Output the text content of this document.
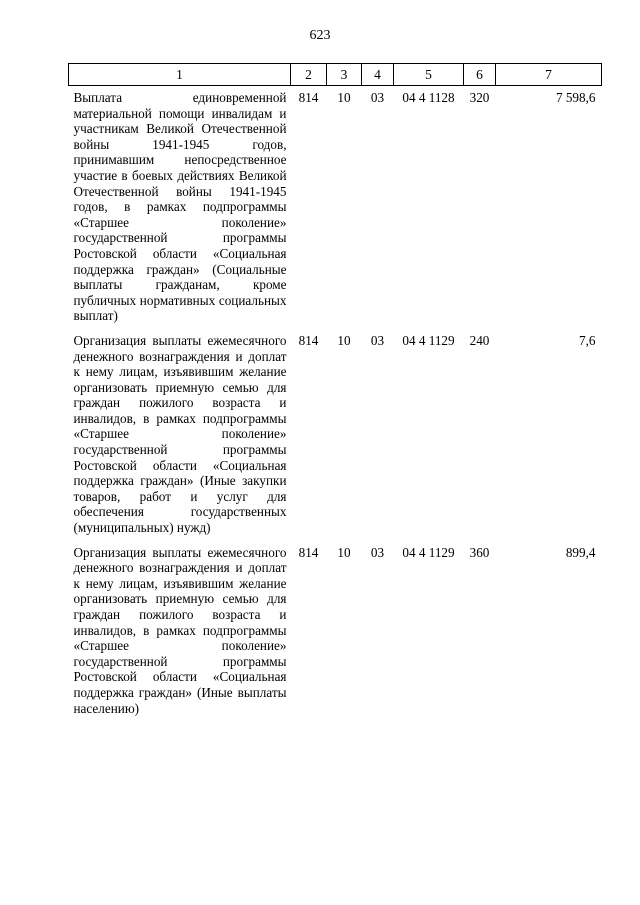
623
1	2	3	4	5	6	7
Выплата единовременной материальной помощи инвалидам и участникам Великой Отечественной войны 1941-1945 годов, принимавшим непосредственное участие в боевых действиях Великой Отечественной войны 1941-1945 годов, в рамках подпрограммы «Старшее поколение» государственной программы Ростовской области «Социальная поддержка граждан» (Социальные выплаты гражданам, кроме публичных нормативных социальных выплат)	814	10	03	04 4 1128	320	7 598,6
Организация выплаты ежемесячного денежного вознаграждения и доплат к нему лицам, изъявившим желание организовать приемную семью для граждан пожилого возраста и инвалидов, в рамках подпрограммы «Старшее поколение» государственной программы Ростовской области «Социальная поддержка граждан» (Иные закупки товаров, работ и услуг для обеспечения государственных (муниципальных) нужд)	814	10	03	04 4 1129	240	7,6
Организация выплаты ежемесячного денежного вознаграждения и доплат к нему лицам, изъявившим желание организовать приемную семью для граждан пожилого возраста и инвалидов, в рамках подпрограммы «Старшее поколение» государственной программы Ростовской области «Социальная поддержка граждан» (Иные выплаты населению)	814	10	03	04 4 1129	360	899,4
